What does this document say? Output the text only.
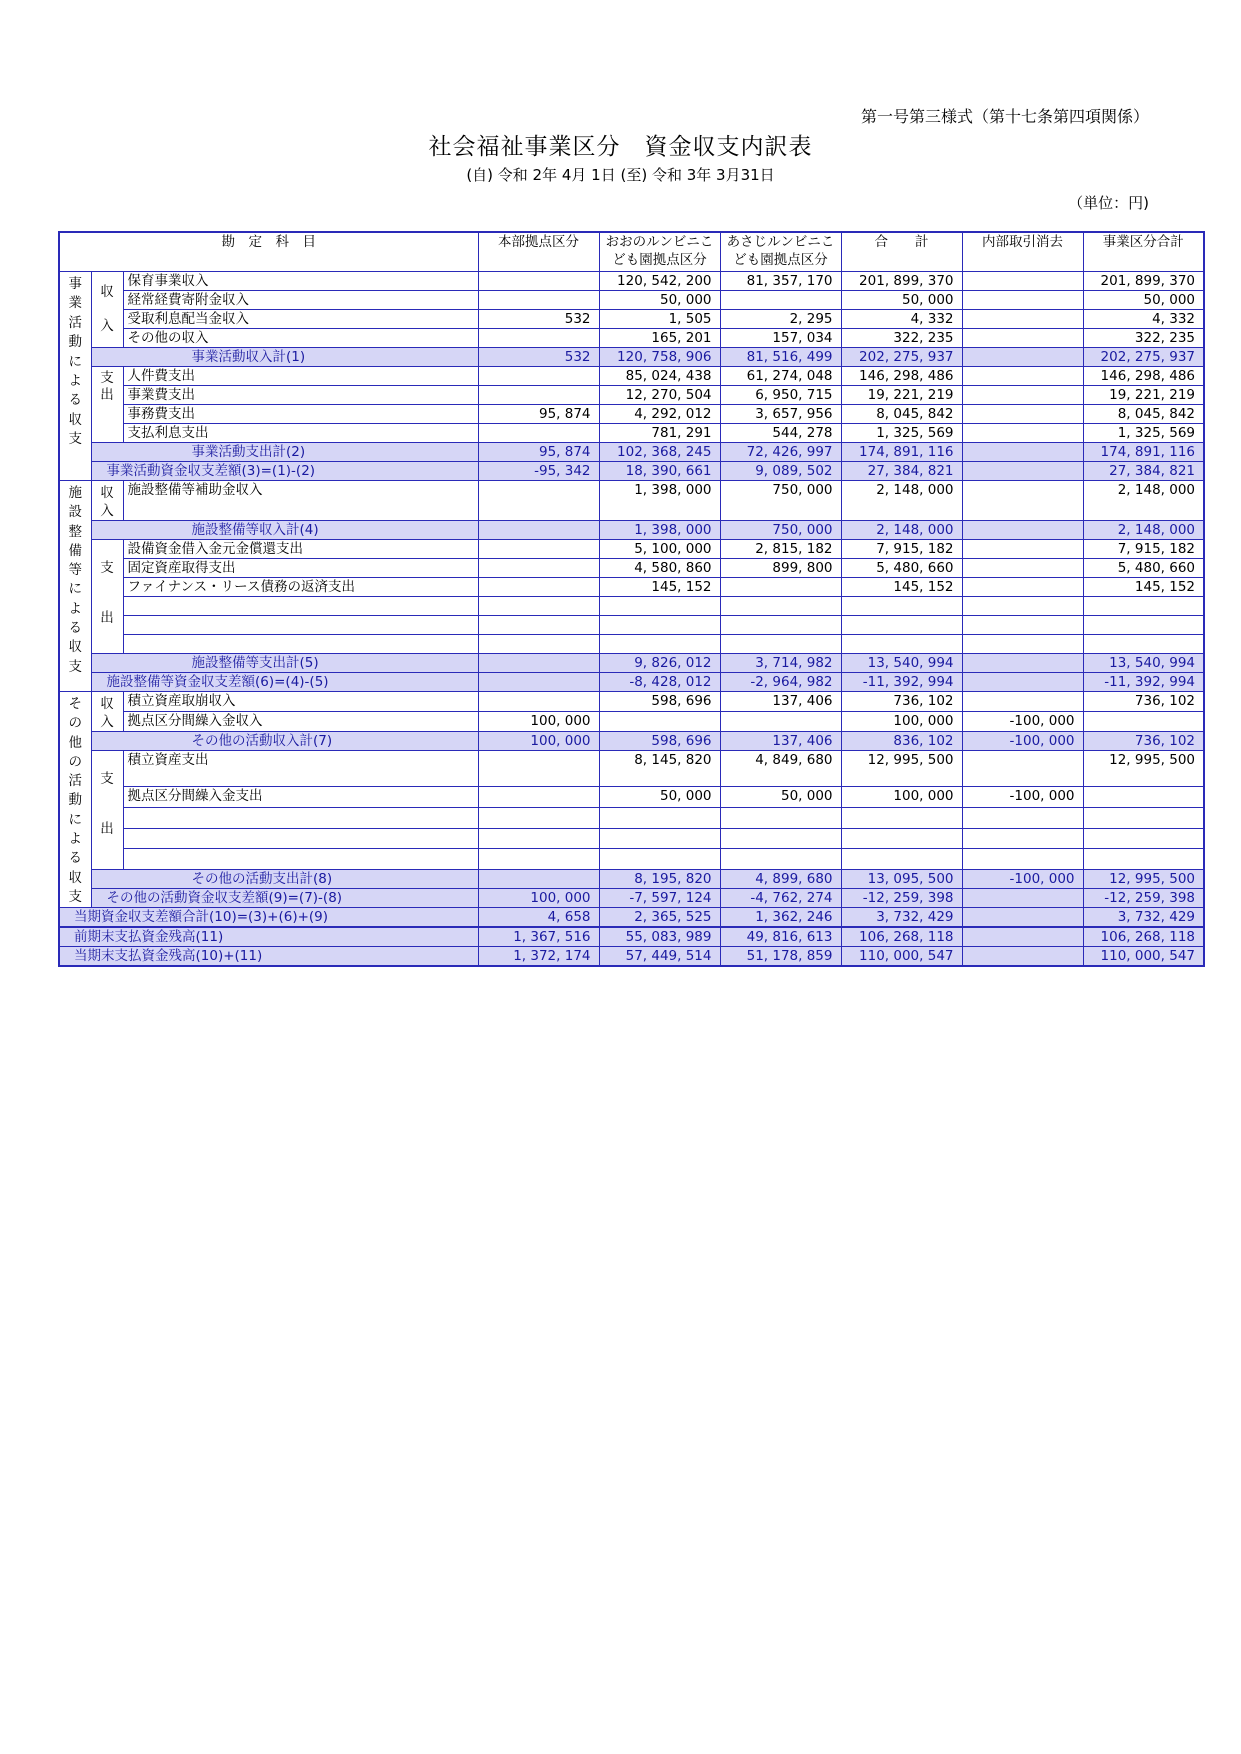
第一号第三様式（第十七条第四項関係）
社会福祉事業区分　資金収支内訳表
(自) 令和 2年 4月 1日 (至) 令和 3年 3月31日
（単位：円)
勘　定　科　目			本部拠点区分	おおのルンビニこども園拠点区分	あさじルンビニこども園拠点区分	合　　計	内部取引消去	事業区分合計
事業活動による収支	収入	保育事業収入		120, 542, 200	81, 357, 170	201, 899, 370		201, 899, 370
		経常経費寄附金収入		50, 000		50, 000		50, 000
		受取利息配当金収入	532	1, 505	2, 295	4, 332		4, 332
		その他の収入		165, 201	157, 034	322, 235		322, 235
	事業活動収入計(1)		532	120, 758, 906	81, 516, 499	202, 275, 937		202, 275, 937
	支出	人件費支出		85, 024, 438	61, 274, 048	146, 298, 486		146, 298, 486
		事業費支出		12, 270, 504	6, 950, 715	19, 221, 219		19, 221, 219
		事務費支出	95, 874	4, 292, 012	3, 657, 956	8, 045, 842		8, 045, 842
		支払利息支出		781, 291	544, 278	1, 325, 569		1, 325, 569
	事業活動支出計(2)		95, 874	102, 368, 245	72, 426, 997	174, 891, 116		174, 891, 116
	事業活動資金収支差額(3)=(1)-(2)		-95, 342	18, 390, 661	9, 089, 502	27, 384, 821		27, 384, 821
施設整備等による収支	収入	施設整備等補助金収入		1, 398, 000	750, 000	2, 148, 000		2, 148, 000
	施設整備等収入計(4)			1, 398, 000	750, 000	2, 148, 000		2, 148, 000
	支出	設備資金借入金元金償還支出		5, 100, 000	2, 815, 182	7, 915, 182		7, 915, 182
		固定資産取得支出		4, 580, 860	899, 800	5, 480, 660		5, 480, 660
		ファイナンス・リース債務の返済支出		145, 152		145, 152		145, 152

	施設整備等支出計(5)			9, 826, 012	3, 714, 982	13, 540, 994		13, 540, 994
	施設整備等資金収支差額(6)=(4)-(5)			-8, 428, 012	-2, 964, 982	-11, 392, 994		-11, 392, 994
その他の活動による収支	収入	積立資産取崩収入		598, 696	137, 406	736, 102		736, 102
		拠点区分間繰入金収入	100, 000			100, 000	-100, 000	
	その他の活動収入計(7)		100, 000	598, 696	137, 406	836, 102	-100, 000	736, 102
	支出	積立資産支出		8, 145, 820	4, 849, 680	12, 995, 500		12, 995, 500
		拠点区分間繰入金支出		50, 000	50, 000	100, 000	-100, 000	

	その他の活動支出計(8)			8, 195, 820	4, 899, 680	13, 095, 500	-100, 000	12, 995, 500
	その他の活動資金収支差額(9)=(7)-(8)		100, 000	-7, 597, 124	-4, 762, 274	-12, 259, 398		-12, 259, 398
当期資金収支差額合計(10)=(3)+(6)+(9)			4, 658	2, 365, 525	1, 362, 246	3, 732, 429		3, 732, 429
前期末支払資金残高(11)	1, 367, 516	55, 083, 989	49, 816, 613	106, 268, 118		106, 268, 118
当期末支払資金残高(10)+(11)	1, 372, 174	57, 449, 514	51, 178, 859	110, 000, 547		110, 000, 547
